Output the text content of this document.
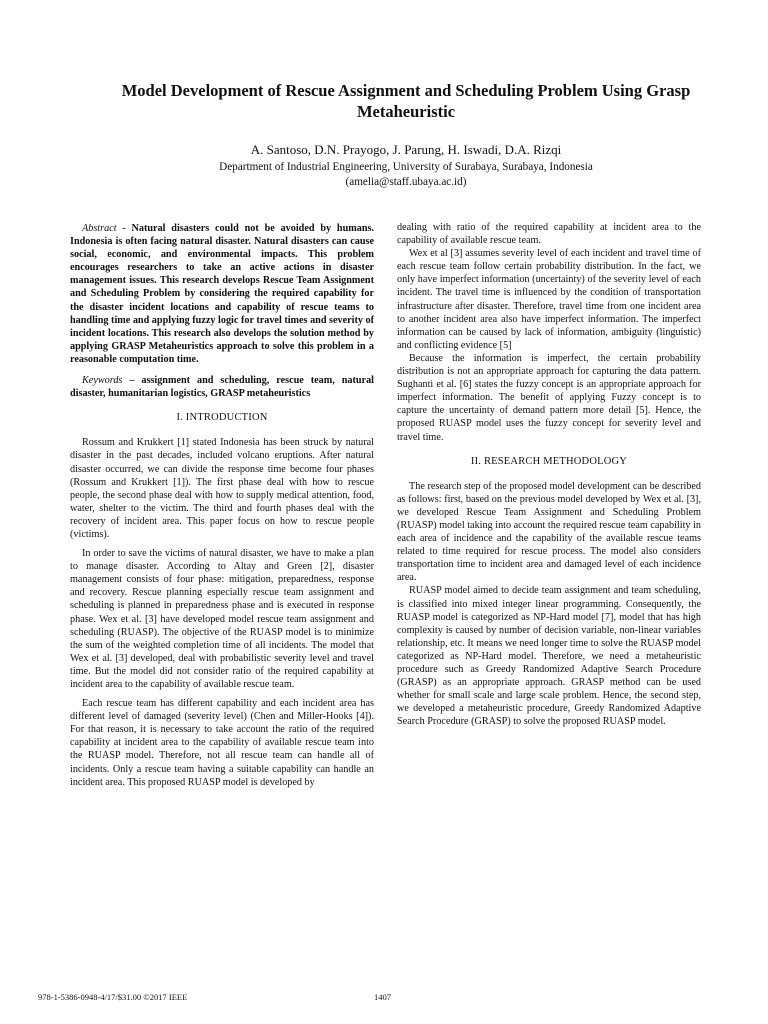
Model Development of Rescue Assignment and Scheduling Problem Using Grasp Metaheuristic
A. Santoso, D.N. Prayogo, J. Parung, H. Iswadi, D.A. Rizqi
Department of Industrial Engineering, University of Surabaya, Surabaya, Indonesia
(amelia@staff.ubaya.ac.id)

Abstract - Natural disasters could not be avoided by humans. Indonesia is often facing natural disaster. Natural disasters can cause social, economic, and environmental impacts. This problem encourages researchers to take an active actions in disaster management issues. This research develops Rescue Team Assignment and Scheduling Problem by considering the required capability for the disaster incident locations and capability of rescue teams to handling time and applying fuzzy logic for travel times and severity of incident locations. This research also develops the solution method by applying GRASP Metaheuristics approach to solve this problem in a reasonable computation time.

Keywords – assignment and scheduling, rescue team, natural disaster, humanitarian logistics, GRASP metaheuristics

I. INTRODUCTION

Rossum and Krukkert [1] stated Indonesia has been struck by natural disaster in the past decades, included volcano eruptions. After natural disaster occurred, we can divide the response time become four phases (Rossum and Krukkert [1]). The first phase deal with how to rescue people, the second phase deal with how to supply medical attention, food, water, shelter to the victim. The third and fourth phases deal with the recovery of incident area. This paper focus on how to rescue people (victims).

In order to save the victims of natural disaster, we have to make a plan to manage disaster. According to Altay and Green [2], disaster management consists of four phase: mitigation, preparedness, response and recovery. Rescue planning especially rescue team assignment and scheduling is planned in preparedness phase and is executed in response phase. Wex et al. [3] have developed model rescue team assignment and scheduling (RUASP). The objective of the RUASP model is to minimize the sum of the weighted completion time of all incidents. The model that Wex et al. [3] developed, deal with probabilistic severity level and travel time. But the model did not consider ratio of the required capability at incident area to the capability of available rescue team.

Each rescue team has different capability and each incident area has different level of damaged (severity level) (Chen and Miller-Hooks [4]). For that reason, it is necessary to take account the ratio of the required capability at incident area to the capability of available rescue team into the RUASP model. Therefore, not all rescue team can handle all of incidents. Only a rescue team having a suitable capability can handle an incident area. This proposed RUASP model is developed by

dealing with ratio of the required capability at incident area to the capability of available rescue team.

Wex et al [3] assumes severity level of each incident and travel time of each rescue team follow certain probability distribution. In the fact, we only have imperfect information (uncertainty) of the severity level of each incident. The travel time is influenced by the condition of transportation infrastructure after disaster. Therefore, travel time from one incident area to another incident area also have imperfect information. The imperfect information can be caused by lack of information, ambiguity (linguistic) and conflicting evidence [5]

Because the information is imperfect, the certain probability distribution is not an appropriate approach for capturing the data pattern. Sughanti et al. [6] states the fuzzy concept is an appropriate approach for imperfect information. The benefit of applying Fuzzy concept is to capture the uncertainty of demand pattern more detail [5]. Hence, the proposed RUASP model uses the fuzzy concept for severity level and travel time.

II. RESEARCH METHODOLOGY

The research step of the proposed model development can be described as follows: first, based on the previous model developed by Wex et al. [3], we developed Rescue Team Assignment and Scheduling Problem (RUASP) model taking into account the required rescue team capability in each area of incidence and the capability of the available rescue teams related to time required for rescue process. The model also considers transportation time to incident area and damaged level of each incidence area.

RUASP model aimed to decide team assignment and team scheduling, is classified into mixed integer linear programming. Consequently, the RUASP model is categorized as NP-Hard model [7], model that has high complexity is caused by number of decision variable, non-linear variables relationship, etc. It means we need longer time to solve the RUASP model categorized as NP-Hard model. Therefore, we need a metaheuristic procedure such as Greedy Randomized Adaptive Search Procedure (GRASP) as an appropriate approach. GRASP method can be used whether for small scale and large scale problem. Hence, the second step, we developed a metaheuristic procedure, Greedy Randomized Adaptive Search Procedure (GRASP) to solve the proposed RUASP model.

978-1-5386-0948-4/17/$31.00 ©2017 IEEE	1407
